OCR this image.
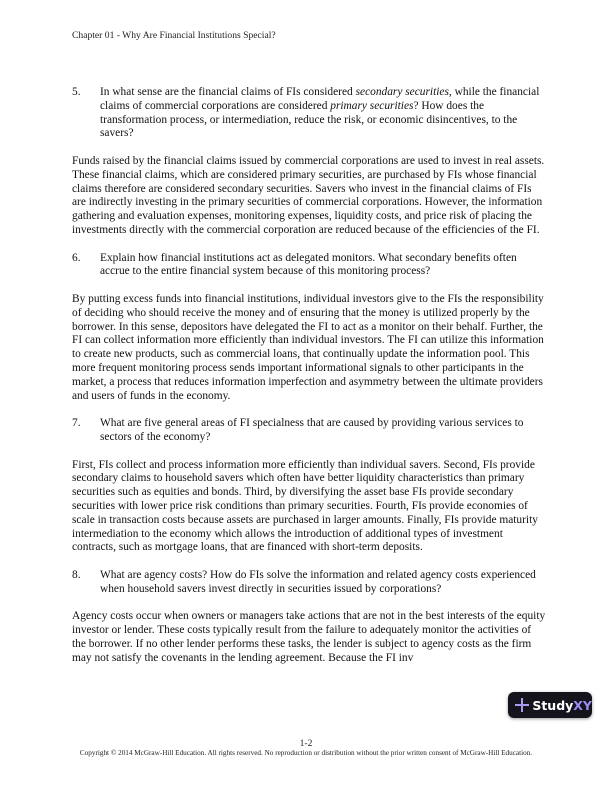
Chapter 01 - Why Are Financial Institutions Special?
5.	In what sense are the financial claims of FIs considered secondary securities, while the financial claims of commercial corporations are considered primary securities? How does the transformation process, or intermediation, reduce the risk, or economic disincentives, to the savers?

Funds raised by the financial claims issued by commercial corporations are used to invest in real assets. These financial claims, which are considered primary securities, are purchased by FIs whose financial claims therefore are considered secondary securities. Savers who invest in the financial claims of FIs are indirectly investing in the primary securities of commercial corporations. However, the information gathering and evaluation expenses, monitoring expenses, liquidity costs, and price risk of placing the investments directly with the commercial corporation are reduced because of the efficiencies of the FI.

6.	Explain how financial institutions act as delegated monitors. What secondary benefits often accrue to the entire financial system because of this monitoring process?

By putting excess funds into financial institutions, individual investors give to the FIs the responsibility of deciding who should receive the money and of ensuring that the money is utilized properly by the borrower. In this sense, depositors have delegated the FI to act as a monitor on their behalf. Further, the FI can collect information more efficiently than individual investors. The FI can utilize this information to create new products, such as commercial loans, that continually update the information pool. This more frequent monitoring process sends important informational signals to other participants in the market, a process that reduces information imperfection and asymmetry between the ultimate providers and users of funds in the economy.

7.	What are five general areas of FI specialness that are caused by providing various services to sectors of the economy?

First, FIs collect and process information more efficiently than individual savers. Second, FIs provide secondary claims to household savers which often have better liquidity characteristics than primary securities such as equities and bonds. Third, by diversifying the asset base FIs provide secondary securities with lower price risk conditions than primary securities. Fourth, FIs provide economies of scale in transaction costs because assets are purchased in larger amounts. Finally, FIs provide maturity intermediation to the economy which allows the introduction of additional types of investment contracts, such as mortgage loans, that are financed with short-term deposits.

8.	What are agency costs? How do FIs solve the information and related agency costs experienced when household savers invest directly in securities issued by corporations?

Agency costs occur when owners or managers take actions that are not in the best interests of the equity investor or lender. These costs typically result from the failure to adequately monitor the activities of the borrower. If no other lender performs these tasks, the lender is subject to agency costs as the firm may not satisfy the covenants in the lending agreement. Because the FI inv

1-2
Copyright © 2014 McGraw-Hill Education. All rights reserved. No reproduction or distribution without the prior written consent of McGraw-Hill Education.
StudyXY
